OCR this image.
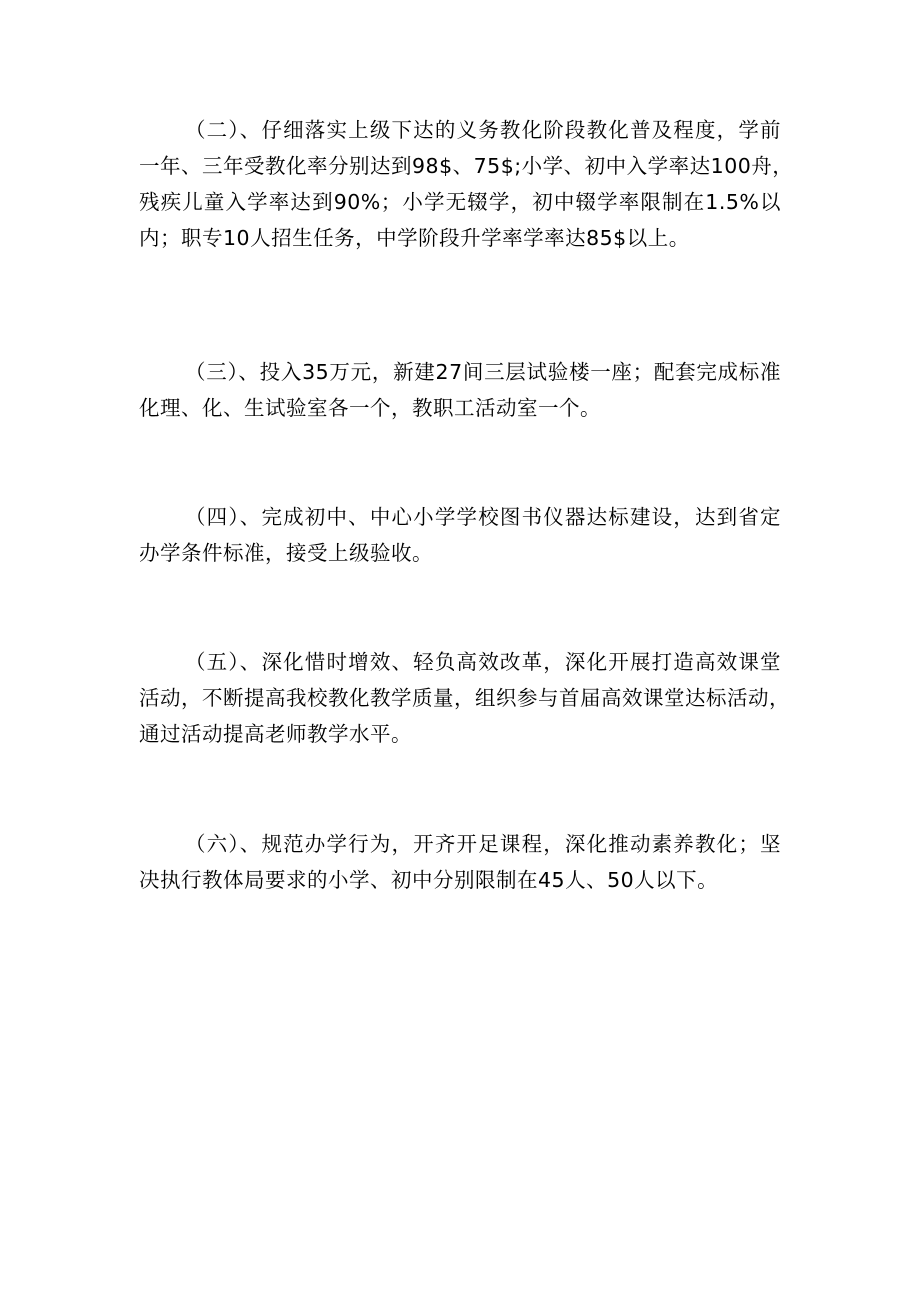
（二）、仔细落实上级下达的义务教化阶段教化普及程度，学前
一年、三年受教化率分别达到98$、75$;小学、初中入学率达100舟，
残疾儿童入学率达到90%；小学无辍学，初中辍学率限制在1.5%以
内；职专10人招生任务，中学阶段升学率学率达85$以上。
（三）、投入35万元，新建27间三层试验楼一座；配套完成标准
化理、化、生试验室各一个，教职工活动室一个。
（四）、完成初中、中心小学学校图书仪器达标建设，达到省定
办学条件标准，接受上级验收。
（五）、深化惜时增效、轻负高效改革，深化开展打造高效课堂
活动，不断提高我校教化教学质量，组织参与首届高效课堂达标活动，
通过活动提高老师教学水平。
（六）、规范办学行为，开齐开足课程，深化推动素养教化；坚
决执行教体局要求的小学、初中分别限制在45人、50人以下。
